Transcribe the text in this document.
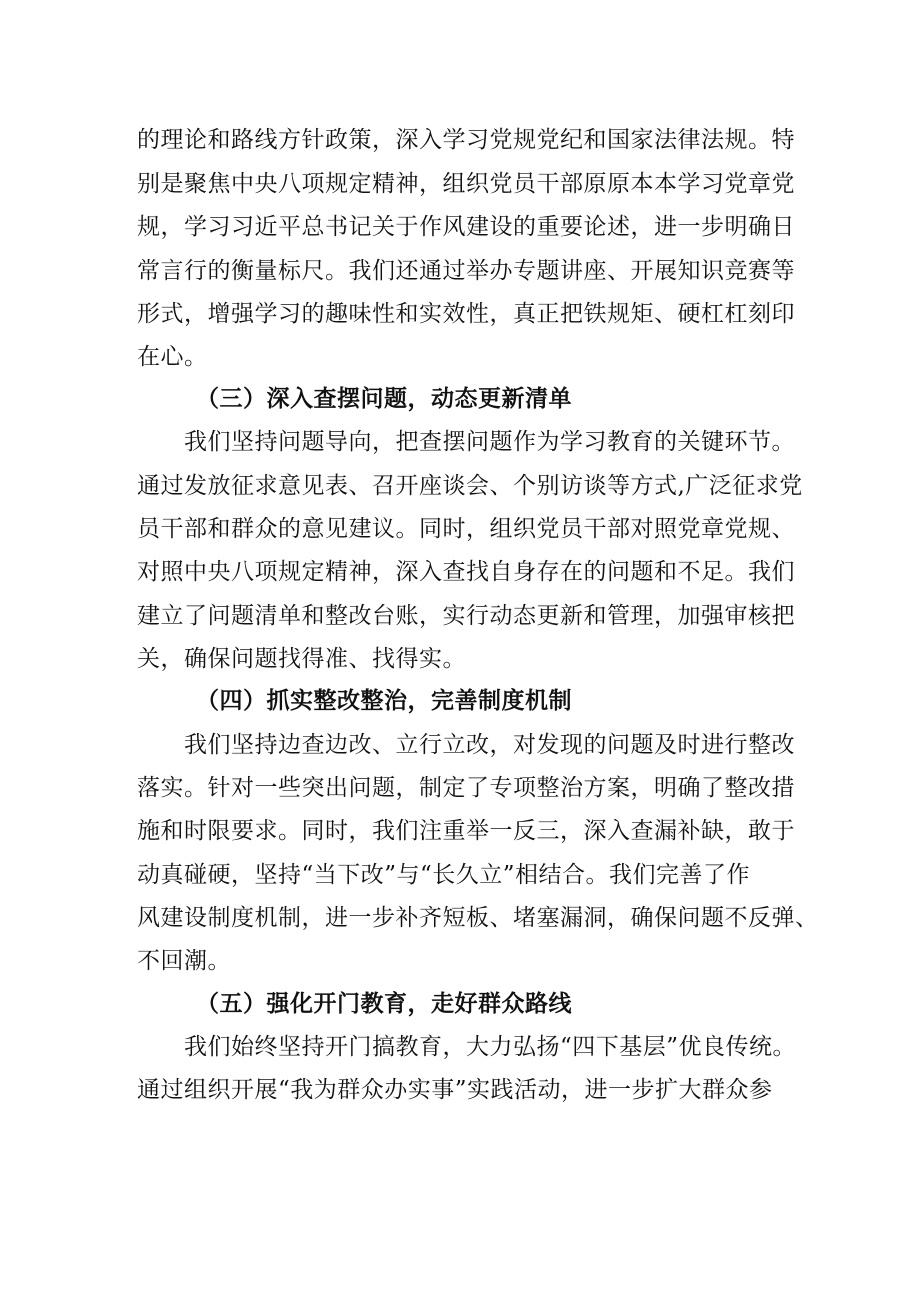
的理论和路线方针政策，深入学习党规党纪和国家法律法规。特
别是聚焦中央八项规定精神，组织党员干部原原本本学习党章党
规，学习习近平总书记关于作风建设的重要论述，进一步明确日
常言行的衡量标尺。我们还通过举办专题讲座、开展知识竞赛等
形式，增强学习的趣味性和实效性，真正把铁规矩、硬杠杠刻印
在心。
（三）深入查摆问题，动态更新清单
我们坚持问题导向，把查摆问题作为学习教育的关键环节。
通过发放征求意见表、召开座谈会、个别访谈等方式,广泛征求党
员干部和群众的意见建议。同时，组织党员干部对照党章党规、
对照中央八项规定精神，深入查找自身存在的问题和不足。我们
建立了问题清单和整改台账，实行动态更新和管理，加强审核把
关，确保问题找得准、找得实。
（四）抓实整改整治，完善制度机制
我们坚持边查边改、立行立改，对发现的问题及时进行整改
落实。针对一些突出问题，制定了专项整治方案，明确了整改措
施和时限要求。同时，我们注重举一反三，深入查漏补缺，敢于
动真碰硬，坚持“当下改”与“长久立”相结合。我们完善了作
风建设制度机制，进一步补齐短板、堵塞漏洞，确保问题不反弹、
不回潮。
（五）强化开门教育，走好群众路线
我们始终坚持开门搞教育，大力弘扬“四下基层”优良传统。
通过组织开展“我为群众办实事”实践活动，进一步扩大群众参
